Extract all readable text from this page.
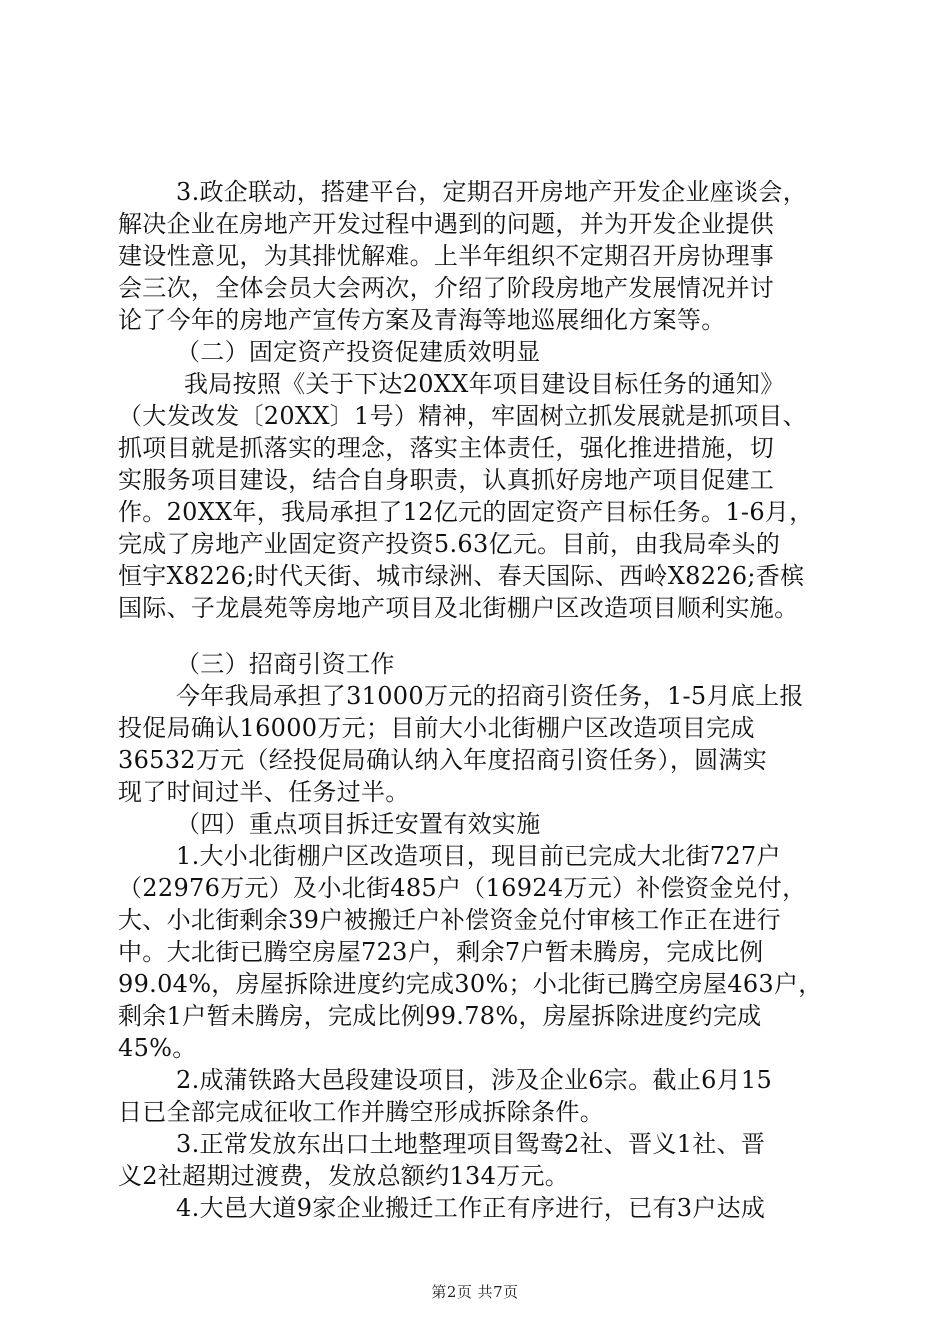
3.政企联动，搭建平台，定期召开房地产开发企业座谈会，
解决企业在房地产开发过程中遇到的问题，并为开发企业提供
建设性意见，为其排忧解难。上半年组织不定期召开房协理事
会三次，全体会员大会两次，介绍了阶段房地产发展情况并讨
论了今年的房地产宣传方案及青海等地巡展细化方案等。
（二）固定资产投资促建质效明显
我局按照《关于下达20XX年项目建设目标任务的通知》
（大发改发〔20XX〕1号）精神，牢固树立抓发展就是抓项目、
抓项目就是抓落实的理念，落实主体责任，强化推进措施，切
实服务项目建设，结合自身职责，认真抓好房地产项目促建工
作。20XX年，我局承担了12亿元的固定资产目标任务。1-6月，
完成了房地产业固定资产投资5.63亿元。目前，由我局牵头的
恒宇X8226;时代天街、城市绿洲、春天国际、西岭X8226;香槟
国际、子龙晨苑等房地产项目及北街棚户区改造项目顺利实施。
（三）招商引资工作
今年我局承担了31000万元的招商引资任务，1-5月底上报
投促局确认16000万元；目前大小北街棚户区改造项目完成
36532万元（经投促局确认纳入年度招商引资任务），圆满实
现了时间过半、任务过半。
（四）重点项目拆迁安置有效实施
1.大小北街棚户区改造项目，现目前已完成大北街727户
（22976万元）及小北街485户（16924万元）补偿资金兑付，
大、小北街剩余39户被搬迁户补偿资金兑付审核工作正在进行
中。大北街已腾空房屋723户，剩余7户暂未腾房，完成比例
99.04%，房屋拆除进度约完成30%；小北街已腾空房屋463户，
剩余1户暂未腾房，完成比例99.78%，房屋拆除进度约完成
45%。
2.成蒲铁路大邑段建设项目，涉及企业6宗。截止6月15
日已全部完成征收工作并腾空形成拆除条件。
3.正常发放东出口土地整理项目鸳鸯2社、晋义1社、晋
义2社超期过渡费，发放总额约134万元。
4.大邑大道9家企业搬迁工作正有序进行，已有3户达成
第2页 共7页
